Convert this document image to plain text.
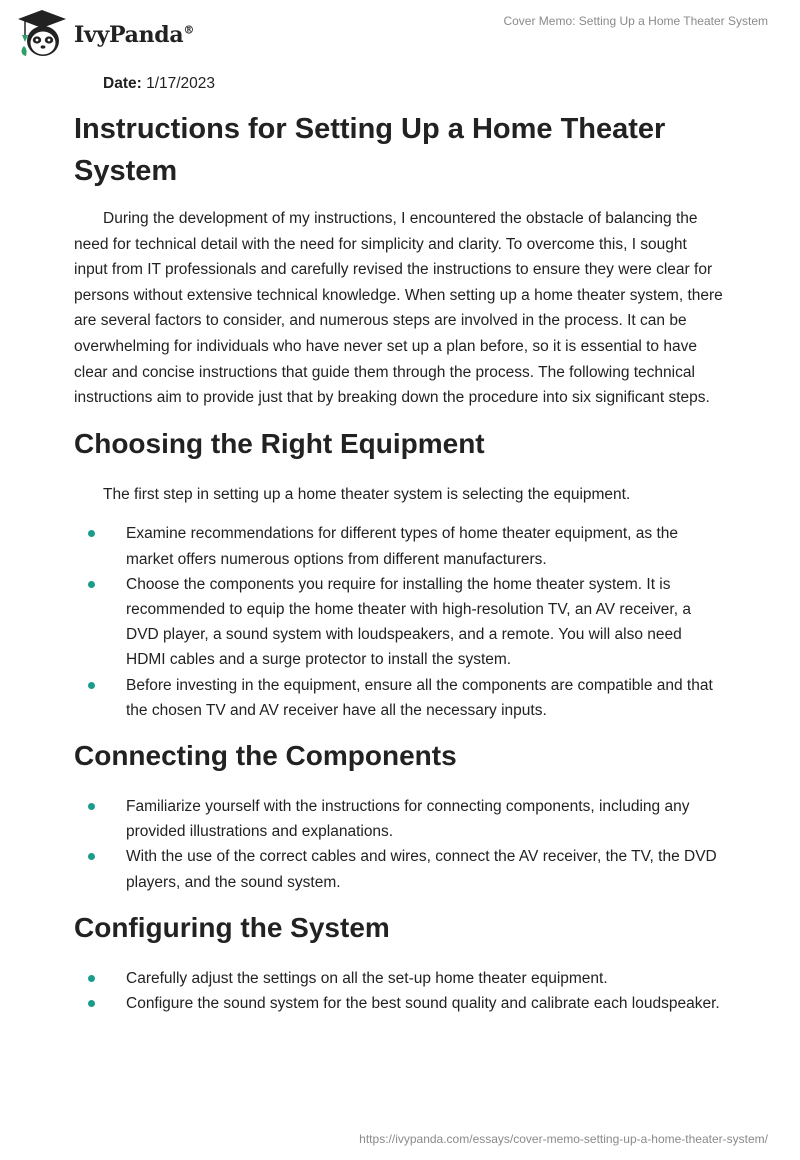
IvyPanda®
Cover Memo: Setting Up a Home Theater System

Date: 1/17/2023

Instructions for Setting Up a Home Theater System

During the development of my instructions, I encountered the obstacle of balancing the need for technical detail with the need for simplicity and clarity. To overcome this, I sought input from IT professionals and carefully revised the instructions to ensure they were clear for persons without extensive technical knowledge. When setting up a home theater system, there are several factors to consider, and numerous steps are involved in the process. It can be overwhelming for individuals who have never set up a plan before, so it is essential to have clear and concise instructions that guide them through the process. The following technical instructions aim to provide just that by breaking down the procedure into six significant steps.

Choosing the Right Equipment

The first step in setting up a home theater system is selecting the equipment.

Examine recommendations for different types of home theater equipment, as the market offers numerous options from different manufacturers.
Choose the components you require for installing the home theater system. It is recommended to equip the home theater with high-resolution TV, an AV receiver, a DVD player, a sound system with loudspeakers, and a remote. You will also need HDMI cables and a surge protector to install the system.
Before investing in the equipment, ensure all the components are compatible and that the chosen TV and AV receiver have all the necessary inputs.
Connecting the Components
Familiarize yourself with the instructions for connecting components, including any provided illustrations and explanations.
With the use of the correct cables and wires, connect the AV receiver, the TV, the DVD players, and the sound system.
Configuring the System
Carefully adjust the settings on all the set-up home theater equipment.
Configure the sound system for the best sound quality and calibrate each loudspeaker.
https://ivypanda.com/essays/cover-memo-setting-up-a-home-theater-system/
